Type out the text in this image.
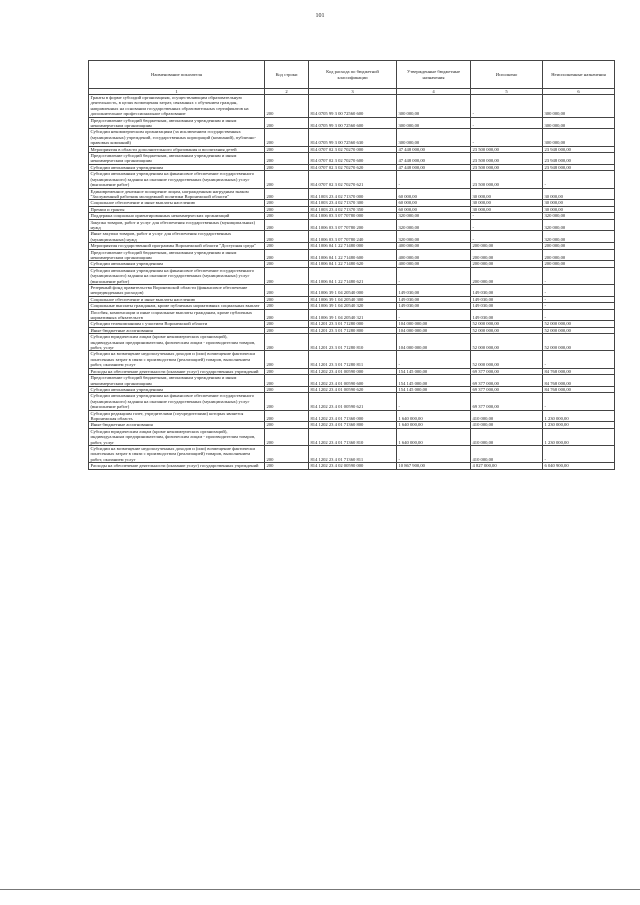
101
Наименование показателя	Код строки	Код расхода по бюджетной классификации	Утвержденные бюджетные назначения	Исполнено	Неисполненные назначения
1	2	3	4	5	6
Гранты в форме субсидий организациям, осуществляющим образовательную деятельность, в целях возмещения затрат, связанных с обучением граждан, направленных на основании государственных образовательных сертификатов на дополнительное профессиональное образование	200	814 0705 99 3 00 72560 600	300 000,00	-	300 000,00
Предоставление субсидий бюджетным, автономным учреждениям и иным некоммерческим организациям	200	814 0705 99 3 00 72560 600	300 000,00	-	300 000,00
Субсидии некоммерческим организациям (за исключением государственных (муниципальных) учреждений, государственных корпораций (компаний), публично-правовых компаний)	200	814 0705 99 3 00 72560 630	300 000,00	-	300 000,00
Мероприятия в области дополнительного образования и воспитания детей	200	814 0707 02 3 02 70270 000	47 448 000,00	23 500 000,00	23 948 000,00
Предоставление субсидий бюджетным, автономным учреждениям и иным некоммерческим организациям	200	814 0707 02 3 02 70270 600	47 448 000,00	23 500 000,00	23 948 000,00
Субсидии автономным учреждениям	200	814 0707 02 3 02 70270 620	47 448 000,00	23 500 000,00	23 948 000,00
Субсидии автономным учреждениям на финансовое обеспечение государственного (муниципального) задания на оказание государственных (муниципальных) услуг (выполнение работ)	200	814 0707 02 3 02 70270 621	-	23 500 000,00	-
Единовременное денежное поощрение лицам, награжденным нагрудным знаком "Заслуженный работник молодежной политики Воронежской области"	200	814 1003 23 4 02 71370 000	60 000,00	30 000,00	30 000,00
Социальное обеспечение и иные выплаты населению	200	814 1003 23 4 02 71370 300	60 000,00	30 000,00	30 000,00
Премии и гранты	200	814 1003 23 4 02 71370 350	60 000,00	30 000,00	30 000,00
Поддержка социально ориентированных некоммерческих организаций	200	814 1006 03 3 07 70780 000	320 000,00	-	320 000,00
Закупка товаров, работ и услуг для обеспечения государственных (муниципальных) нужд	200	814 1006 03 3 07 70780 200	320 000,00	-	320 000,00
Иные закупки товаров, работ и услуг для обеспечения государственных (муниципальных) нужд	200	814 1006 03 3 07 70780 240	320 000,00	-	320 000,00
Мероприятия государственной программы Воронежской области "Доступная среда"	200	814 1006 04 1 22 71480 000	400 000,00	200 000,00	200 000,00
Предоставление субсидий бюджетным, автономным учреждениям и иным некоммерческим организациям	200	814 1006 04 1 22 71480 600	400 000,00	200 000,00	200 000,00
Субсидии автономным учреждениям	200	814 1006 04 1 22 71480 620	400 000,00	200 000,00	200 000,00
Субсидии автономным учреждениям на финансовое обеспечение государственного (муниципального) задания на оказание государственных (муниципальных) услуг (выполнение работ)	200	814 1006 04 1 22 71480 621	-	200 000,00	-
Резервный фонд правительства Воронежской области (финансовое обеспечение непредвиденных расходов)	200	814 1006 39 1 04 20540 000	149 030,00	149 030,00	-
Социальное обеспечение и иные выплаты населению	200	814 1006 39 1 04 20540 300	149 030,00	149 030,00	-
Социальные выплаты гражданам, кроме публичных нормативных социальных выплат	200	814 1006 39 1 04 20540 320	149 030,00	149 030,00	-
Пособия, компенсации и иные социальные выплаты гражданам, кроме публичных нормативных обязательств	200	814 1006 39 1 04 20540 321	-	149 030,00	-
Субсидии телекомпаниям с участием Воронежской области	200	814 1201 23 3 01 71280 000	104 000 000,00	52 000 000,00	52 000 000,00
Иные бюджетные ассигнования	200	814 1201 23 3 01 71280 800	104 000 000,00	52 000 000,00	52 000 000,00
Субсидии юридическим лицам (кроме некоммерческих организаций), индивидуальным предпринимателям, физическим лицам - производителям товаров, работ, услуг	200	814 1201 23 3 01 71280 810	104 000 000,00	52 000 000,00	52 000 000,00
Субсидии на возмещение недополученных доходов и (или) возмещение фактически понесенных затрат в связи с производством (реализацией) товаров, выполнением работ, оказанием услуг	200	814 1201 23 3 01 71280 811	-	52 000 000,00	-
Расходы на обеспечение деятельности (оказание услуг) государственных учреждений	200	814 1202 23 4 01 00590 000	154 145 000,00	69 377 000,00	84 768 000,00
Предоставление субсидий бюджетным, автономным учреждениям и иным некоммерческим организациям	200	814 1202 23 4 01 00590 600	154 145 000,00	69 377 000,00	84 768 000,00
Субсидии автономным учреждениям	200	814 1202 23 4 01 00590 620	154 145 000,00	69 377 000,00	84 768 000,00
Субсидии автономным учреждениям на финансовое обеспечение государственного (муниципального) задания на оказание государственных (муниципальных) услуг (выполнение работ)	200	814 1202 23 4 01 00590 621	-	69 377 000,00	-
Субсидии редакциям газет, учредителями (соучредителями) которых является Воронежская область	200	814 1202 23 4 01 71360 000	1 640 000,00	410 000,00	1 230 000,00
Иные бюджетные ассигнования	200	814 1202 23 4 01 71360 800	1 640 000,00	410 000,00	1 230 000,00
Субсидии юридическим лицам (кроме некоммерческих организаций), индивидуальным предпринимателям, физическим лицам - производителям товаров, работ, услуг	200	814 1202 23 4 01 71360 810	1 640 000,00	410 000,00	1 230 000,00
Субсидии на возмещение недополученных доходов и (или) возмещение фактически понесенных затрат в связи с производством (реализацией) товаров, выполнением работ, оказанием услуг	200	814 1202 23 4 01 71360 811	-	410 000,00	-
Расходы на обеспечение деятельности (оказание услуг) государственных учреждений	200	814 1202 23 4 02 00590 000	10 867 900,00	4 827 000,00	6 040 900,00
